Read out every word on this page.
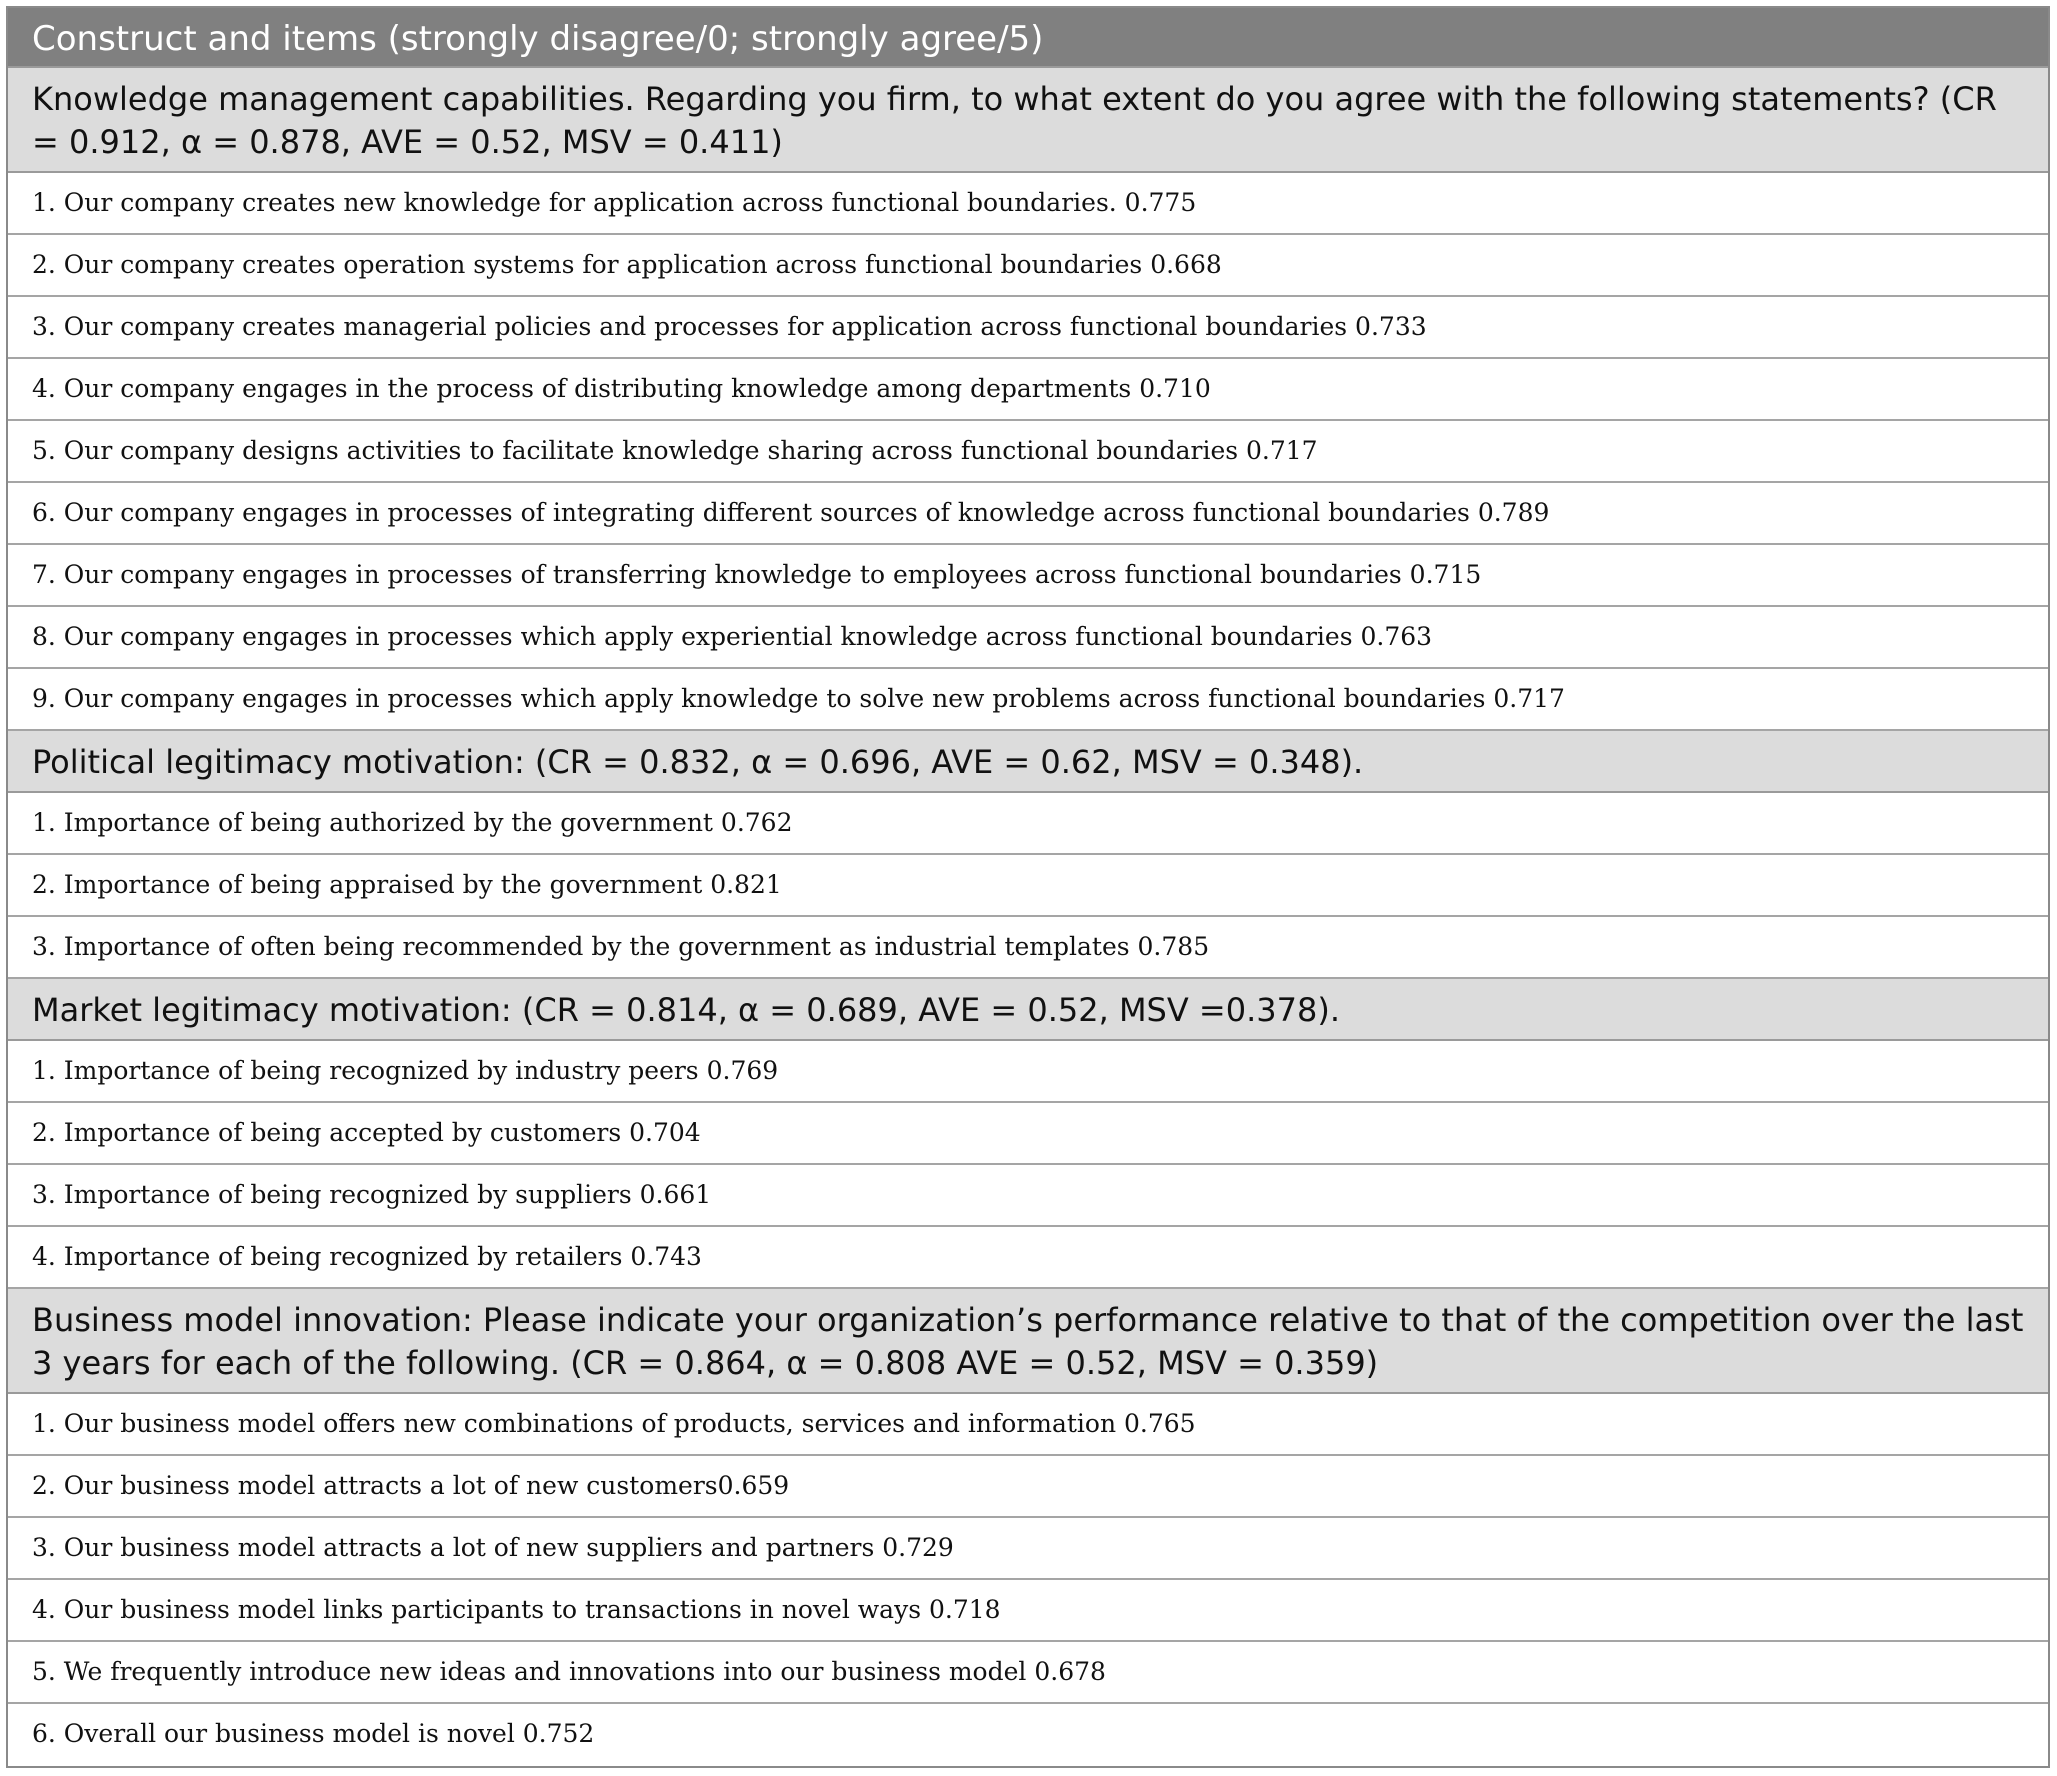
Construct and items (strongly disagree/0; strongly agree/5)
Knowledge management capabilities. Regarding you firm, to what extent do you agree with the following statements? (CR = 0.912, α = 0.878, AVE = 0.52, MSV = 0.411)
1. Our company creates new knowledge for application across functional boundaries. 0.775
2. Our company creates operation systems for application across functional boundaries 0.668
3. Our company creates managerial policies and processes for application across functional boundaries 0.733
4. Our company engages in the process of distributing knowledge among departments 0.710
5. Our company designs activities to facilitate knowledge sharing across functional boundaries 0.717
6. Our company engages in processes of integrating different sources of knowledge across functional boundaries 0.789
7. Our company engages in processes of transferring knowledge to employees across functional boundaries 0.715
8. Our company engages in processes which apply experiential knowledge across functional boundaries 0.763
9. Our company engages in processes which apply knowledge to solve new problems across functional boundaries 0.717
Political legitimacy motivation: (CR = 0.832, α = 0.696, AVE = 0.62, MSV = 0.348).
1. Importance of being authorized by the government 0.762
2. Importance of being appraised by the government 0.821
3. Importance of often being recommended by the government as industrial templates 0.785
Market legitimacy motivation: (CR = 0.814, α = 0.689, AVE = 0.52, MSV =0.378).
1. Importance of being recognized by industry peers 0.769
2. Importance of being accepted by customers 0.704
3. Importance of being recognized by suppliers 0.661
4. Importance of being recognized by retailers 0.743
Business model innovation: Please indicate your organization’s performance relative to that of the competition over the last 3 years for each of the following. (CR = 0.864, α = 0.808 AVE = 0.52, MSV = 0.359)
1. Our business model offers new combinations of products, services and information 0.765
2. Our business model attracts a lot of new customers0.659
3. Our business model attracts a lot of new suppliers and partners 0.729
4. Our business model links participants to transactions in novel ways 0.718
5. We frequently introduce new ideas and innovations into our business model 0.678
6. Overall our business model is novel 0.752
